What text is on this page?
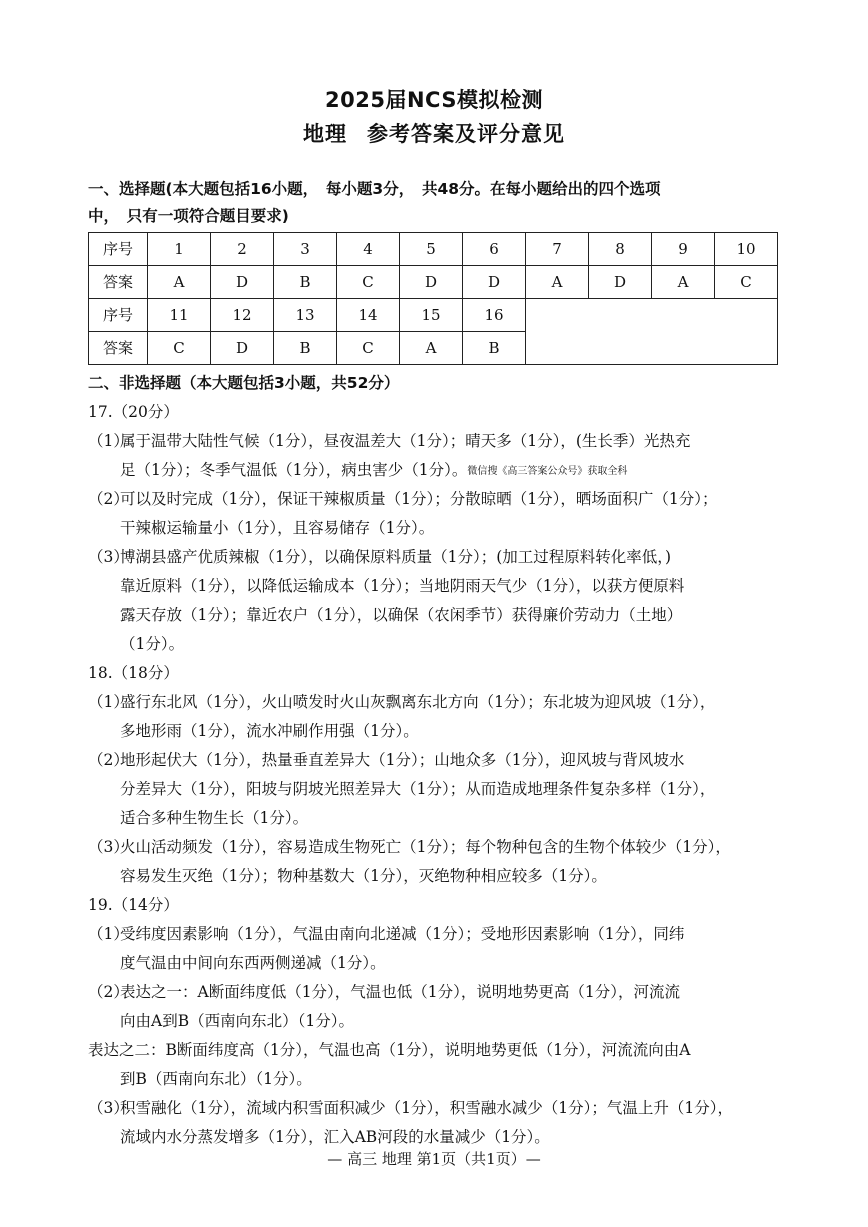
2025届NCS模拟检测
地理 参考答案及评分意见
一、选择题(本大题包括16小题，　每小题3分，　共48分。在每小题给出的四个选项
中，　只有一项符合题目要求)
序号	1	2	3	4	5	6	7	8	9	10
答案	A	D	B	C	D	D	A	D	A	C
序号	11	12	13	14	15	16				
答案	C	D	B	C	A	B				
二、非选择题（本大题包括3小题，共52分）
17.（20分）
（1）属于温带大陆性气候（1分），昼夜温差大（1分）；晴天多（1分），(生长季）光热充
足（1分）；冬季气温低（1分），病虫害少（1分）。微信搜《高三答案公众号》获取全科
（2）可以及时完成（1分），保证干辣椒质量（1分）；分散晾晒（1分），晒场面积广（1分）；
干辣椒运输量小（1分），且容易储存（1分）。
（3）博湖县盛产优质辣椒（1分），以确保原料质量（1分）；(加工过程原料转化率低，)
靠近原料（1分），以降低运输成本（1分）；当地阴雨天气少（1分），以获方便原料
露天存放（1分）；靠近农户（1分），以确保（农闲季节）获得廉价劳动力（土地）
（1分）。
18.（18分）
（1）盛行东北风（1分），火山喷发时火山灰飘离东北方向（1分）；东北坡为迎风坡（1分），
多地形雨（1分），流水冲刷作用强（1分）。
（2）地形起伏大（1分），热量垂直差异大（1分）；山地众多（1分），迎风坡与背风坡水
分差异大（1分），阳坡与阴坡光照差异大（1分）；从而造成地理条件复杂多样（1分），
适合多种生物生长（1分）。
（3）火山活动频发（1分），容易造成生物死亡（1分）；每个物种包含的生物个体较少（1分），
容易发生灭绝（1分）；物种基数大（1分），灭绝物种相应较多（1分）。
19.（14分）
（1）受纬度因素影响（1分），气温由南向北递减（1分）；受地形因素影响（1分），同纬
度气温由中间向东西两侧递减（1分）。
（2）表达之一：A断面纬度低（1分），气温也低（1分），说明地势更高（1分），河流流
向由A到B（西南向东北）（1分）。
表达之二：B断面纬度高（1分），气温也高（1分），说明地势更低（1分），河流流向由A
到B（西南向东北）（1分）。
（3）积雪融化（1分），流域内积雪面积减少（1分），积雪融水减少（1分）；气温上升（1分），
流域内水分蒸发增多（1分），汇入AB河段的水量减少（1分）。
— 高三 地理 第1页（共1页）—
